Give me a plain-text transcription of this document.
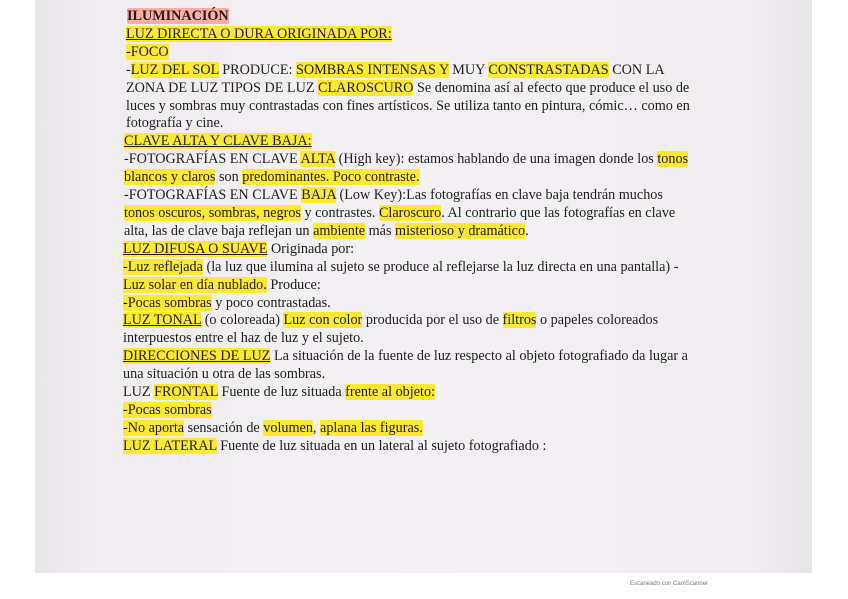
ILUMINACIÓN
LUZ DIRECTA O DURA ORIGINADA POR:
-FOCO
-LUZ DEL SOL PRODUCE: SOMBRAS INTENSAS Y MUY CONSTRASTADAS CON LA
ZONA DE LUZ TIPOS DE LUZ CLAROSCURO Se denomina así al efecto que produce el uso de
luces y sombras muy contrastadas con fines artísticos. Se utiliza tanto en pintura, cómic… como en
fotografía y cine.
CLAVE ALTA Y CLAVE BAJA:
-FOTOGRAFÍAS EN CLAVE ALTA (High key): estamos hablando de una imagen donde los tonos
blancos y claros son predominantes. Poco contraste.
-FOTOGRAFÍAS EN CLAVE BAJA (Low Key):Las fotografías en clave baja tendrán muchos
tonos oscuros, sombras, negros y contrastes. Claroscuro. Al contrario que las fotografías en clave
alta, las de clave baja reflejan un ambiente más misterioso y dramático.
LUZ DIFUSA O SUAVE Originada por:
-Luz reflejada (la luz que ilumina al sujeto se produce al reflejarse la luz directa en una pantalla) -
Luz solar en día nublado. Produce:
-Pocas sombras y poco contrastadas.
LUZ TONAL (o coloreada) Luz con color producida por el uso de filtros o papeles coloreados
interpuestos entre el haz de luz y el sujeto.
DIRECCIONES DE LUZ La situación de la fuente de luz respecto al objeto fotografiado da lugar a
una situación u otra de las sombras.
LUZ FRONTAL Fuente de luz situada frente al objeto:
-Pocas sombras
-No aporta sensación de volumen, aplana las figuras.
LUZ LATERAL Fuente de luz situada en un lateral al sujeto fotografiado :
Escaneado con CamScanner
